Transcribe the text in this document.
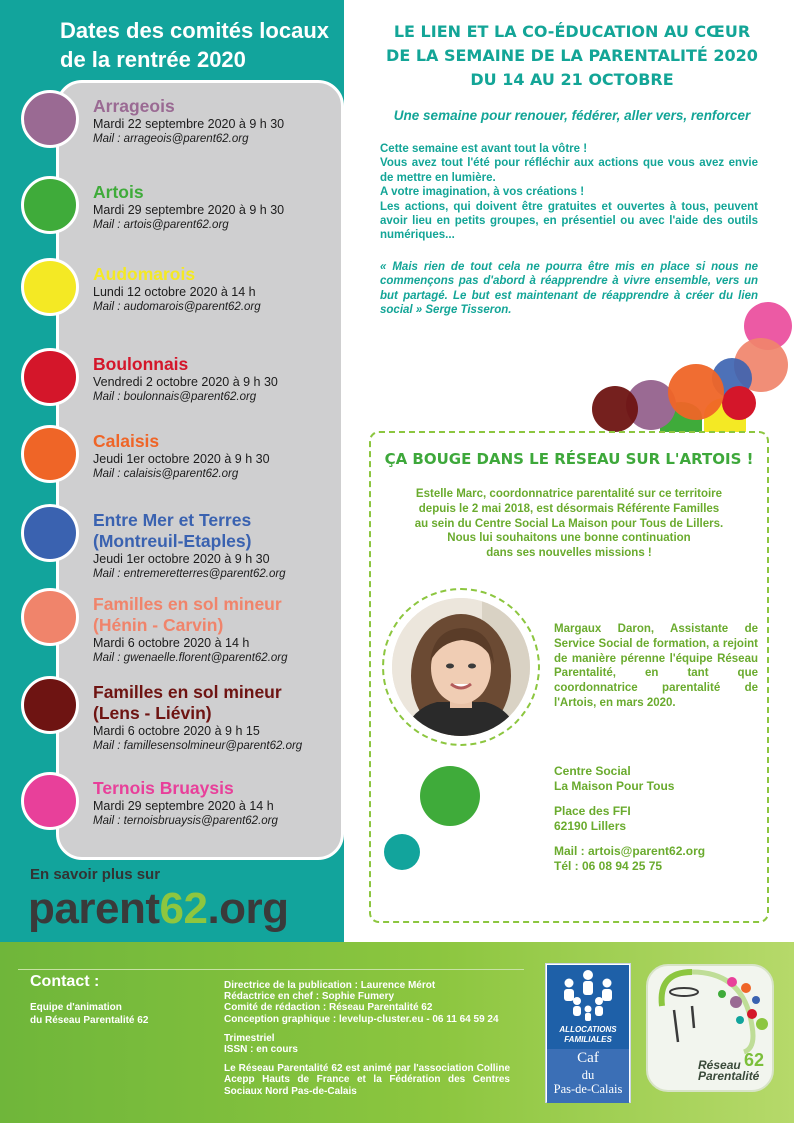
Dates des comités locaux
de la rentrée 2020
Arrageois
Mardi 22 septembre 2020 à 9 h 30
Mail : arrageois@parent62.org
Artois
Mardi 29 septembre 2020 à 9 h 30
Mail : artois@parent62.org
Audomarois
Lundi 12 octobre 2020 à 14 h
Mail : audomarois@parent62.org
Boulonnais
Vendredi 2 octobre 2020 à 9 h 30
Mail : boulonnais@parent62.org
Calaisis
Jeudi 1er octobre 2020 à 9 h 30
Mail : calaisis@parent62.org
Entre Mer et Terres
(Montreuil-Etaples)
Jeudi 1er octobre 2020 à 9 h 30
Mail : entremeretterres@parent62.org
Familles en sol mineur
(Hénin - Carvin)
Mardi 6 octobre 2020 à 14 h
Mail : gwenaelle.florent@parent62.org
Familles en sol mineur
(Lens - Liévin)
Mardi 6 octobre 2020 à 9 h 15
Mail : famillesensolmineur@parent62.org
Ternois Bruaysis
Mardi 29 septembre 2020 à 14 h
Mail : ternoisbruaysis@parent62.org
En savoir plus sur
parent62.org
LE LIEN ET LA CO-ÉDUCATION AU CŒUR
DE LA SEMAINE DE LA PARENTALITÉ 2020
DU 14 AU 21 OCTOBRE
Une semaine pour renouer, fédérer, aller vers, renforcer

Cette semaine est avant tout la vôtre !

Vous avez tout l'été pour réfléchir aux actions que vous avez envie de mettre en lumière.

A votre imagination, à vos créations !

Les actions, qui doivent être gratuites et ouvertes à tous, peuvent avoir lieu en petits groupes, en présentiel ou avec l'aide des outils numériques...

« Mais rien de tout cela ne pourra être mis en place si nous ne commençons pas d'abord à réapprendre à vivre ensemble, vers un but partagé. Le but est maintenant de réapprendre à créer du lien social » Serge Tisseron.
ÇA BOUGE DANS LE RÉSEAU SUR L'ARTOIS !

Estelle Marc, coordonnatrice parentalité sur ce territoire

depuis le 2 mai 2018, est désormais Référente Familles

au sein du Centre Social La Maison pour Tous de Lillers.

Nous lui souhaitons une bonne continuation

dans ses nouvelles missions !

Margaux Daron, Assistante de Service Social de formation, a rejoint de manière pérenne l'équipe Réseau Parentalité, en tant que coordonnatrice parentalité de l'Artois, en mars 2020.

Centre Social
La Maison Pour Tous

Place des FFI
62190 Lillers

Mail : artois@parent62.org
Tél : 06 08 94 25 75

Contact :

Equipe d'animation

du Réseau Parentalité 62

Directrice de la publication : Laurence Mérot

Rédactrice en chef : Sophie Fumery

Comité de rédaction : Réseau Parentalité 62

Conception graphique : levelup-cluster.eu - 06 11 64 59 24

Trimestriel

ISSN : en cours

Le Réseau Parentalité 62 est animé par l'association Colline Acepp Hauts de France et la Fédération des Centres Sociaux Nord Pas-de-Calais

ALLOCATIONS
FAMILIALES
Caf
du
Pas-de-Calais
62
Réseau
Parentalité
